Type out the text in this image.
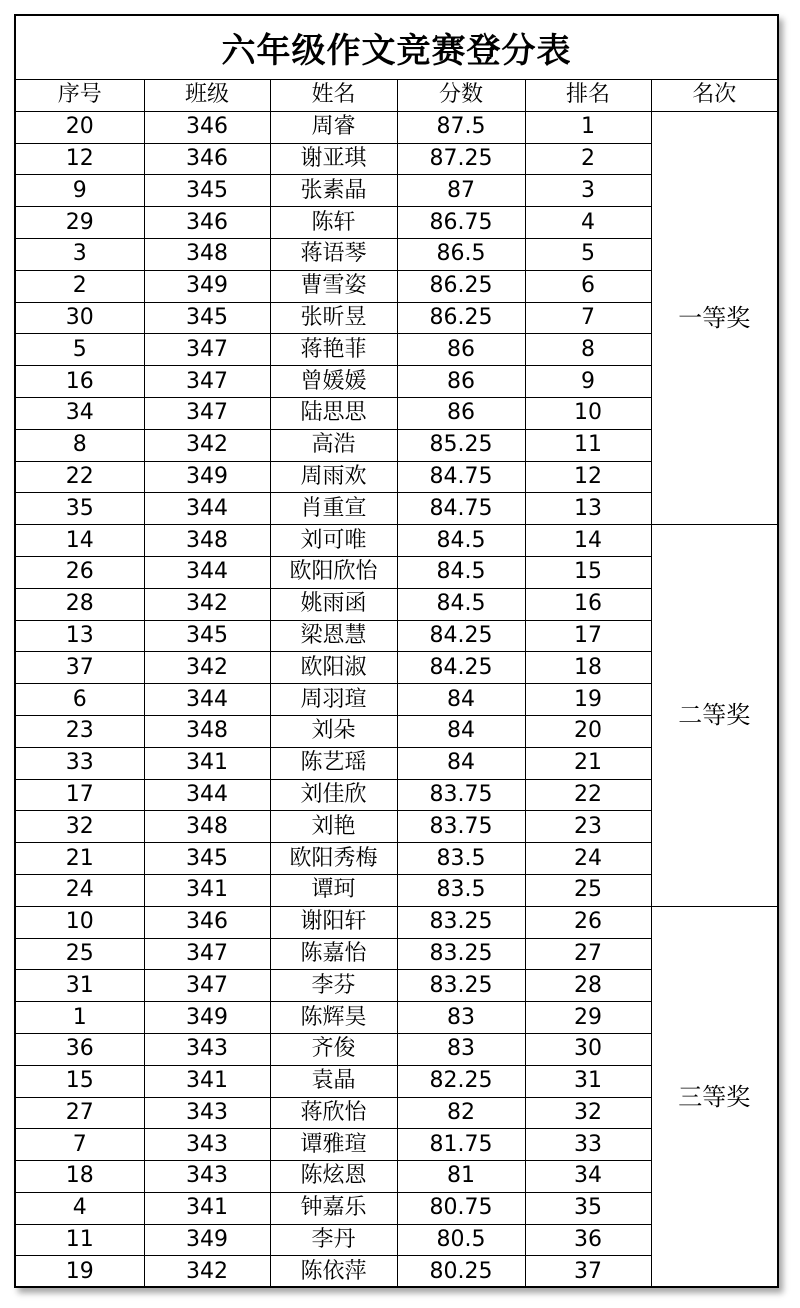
六年级作文竞赛登分表
序号	班级	姓名	分数	排名	名次
20	346	周睿	87.5	1	一等奖
12	346	谢亚琪	87.25	2	
9	345	张素晶	87	3	
29	346	陈轩	86.75	4	
3	348	蒋语琴	86.5	5	
2	349	曹雪姿	86.25	6	
30	345	张昕昱	86.25	7	
5	347	蒋艳菲	86	8	
16	347	曾媛媛	86	9	
34	347	陆思思	86	10	
8	342	高浩	85.25	11	
22	349	周雨欢	84.75	12	
35	344	肖重宣	84.75	13	
14	348	刘可唯	84.5	14	二等奖
26	344	欧阳欣怡	84.5	15	
28	342	姚雨函	84.5	16	
13	345	梁恩慧	84.25	17	
37	342	欧阳淑	84.25	18	
6	344	周羽瑄	84	19	
23	348	刘朵	84	20	
33	341	陈艺瑶	84	21	
17	344	刘佳欣	83.75	22	
32	348	刘艳	83.75	23	
21	345	欧阳秀梅	83.5	24	
24	341	谭珂	83.5	25	
10	346	谢阳轩	83.25	26	三等奖
25	347	陈嘉怡	83.25	27	
31	347	李芬	83.25	28	
1	349	陈辉昊	83	29	
36	343	齐俊	83	30	
15	341	袁晶	82.25	31	
27	343	蒋欣怡	82	32	
7	343	谭雅瑄	81.75	33	
18	343	陈炫恩	81	34	
4	341	钟嘉乐	80.75	35	
11	349	李丹	80.5	36	
19	342	陈依萍	80.25	37	
